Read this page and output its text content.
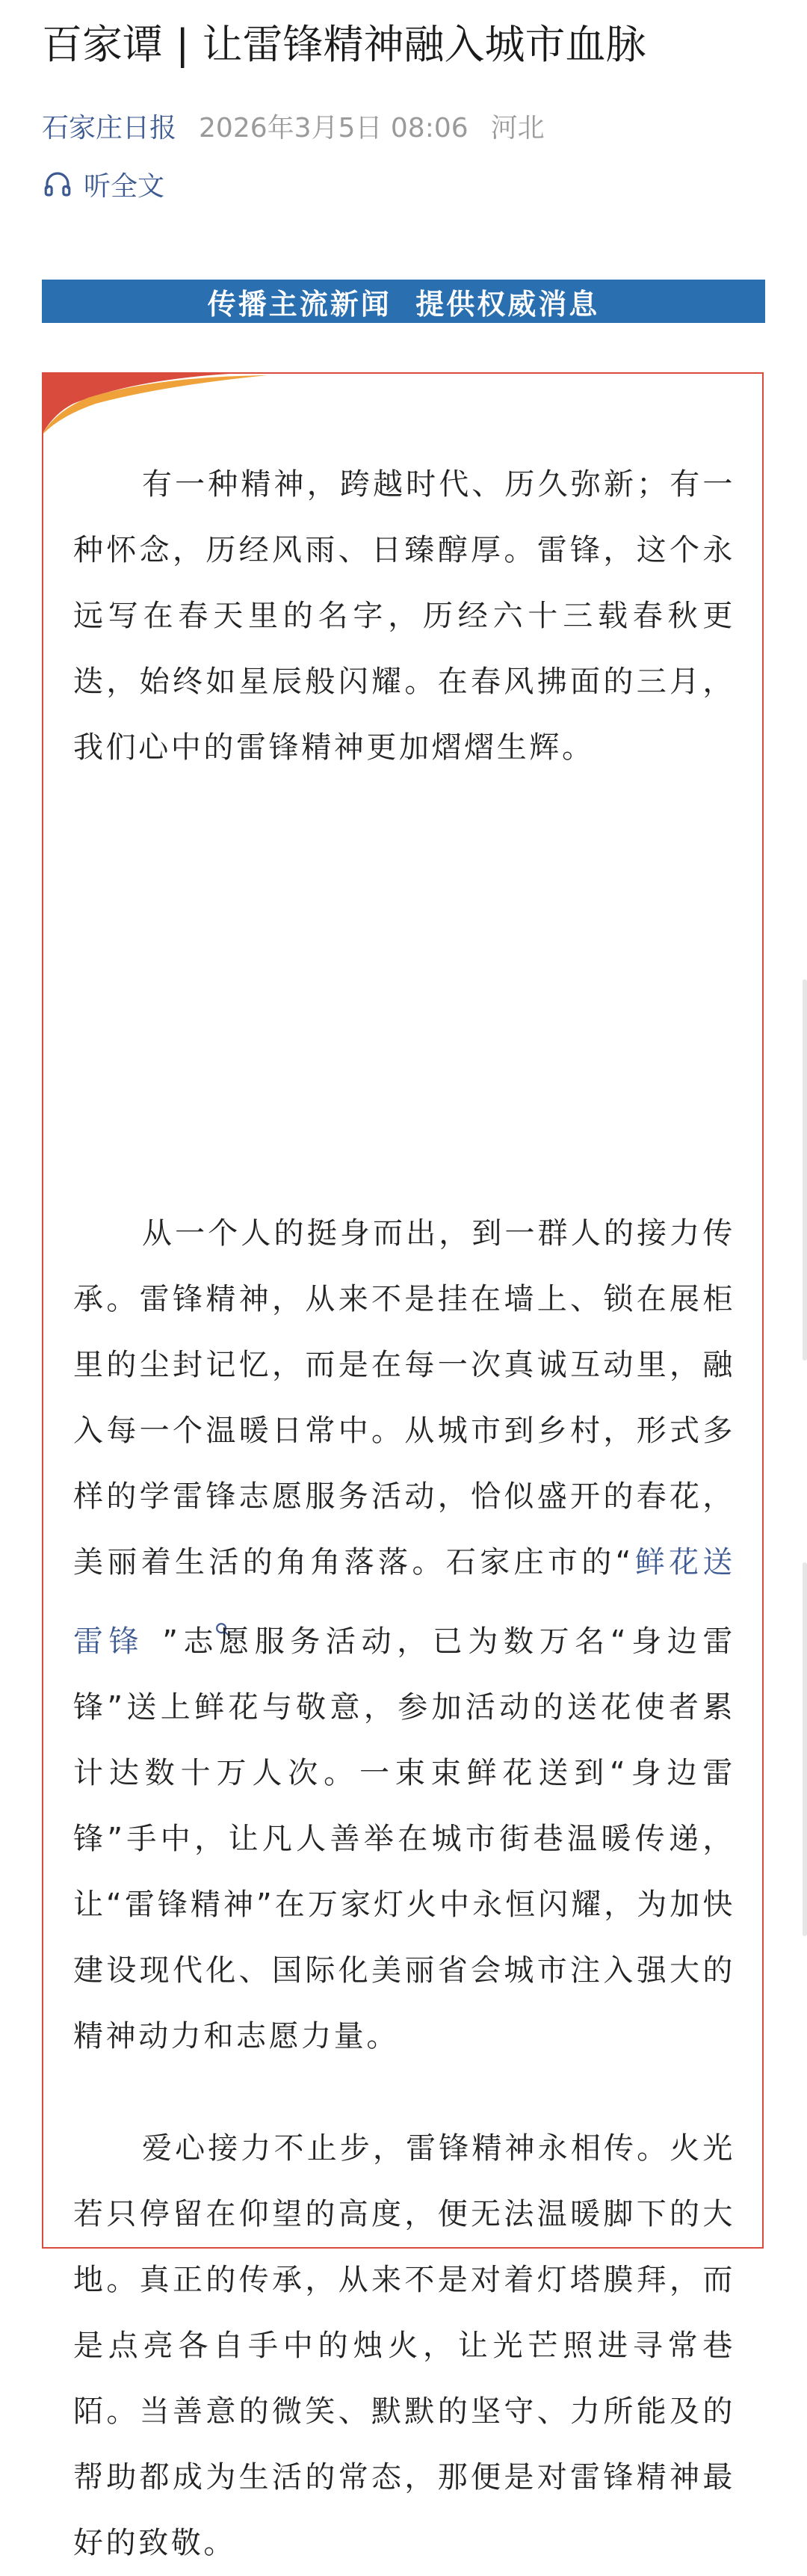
百家谭 | 让雷锋精神融入城市血脉
石家庄日报 2026年3月5日 08:06 河北
听全文
传播主流新闻  提供权威消息

有一种精神，跨越时代、历久弥新；有一种怀念，历经风雨、日臻醇厚。雷锋，这个永远写在春天里的名字，历经六十三载春秋更迭，始终如星辰般闪耀。在春风拂面的三月，我们心中的雷锋精神更加熠熠生辉。

从一个人的挺身而出，到一群人的接力传承。雷锋精神，从来不是挂在墙上、锁在展柜里的尘封记忆，而是在每一次真诚互动里，融入每一个温暖日常中。从城市到乡村，形式多样的学雷锋志愿服务活动，恰似盛开的春花，美丽着生活的角角落落。石家庄市的“鲜花送雷锋 ”志愿服务活动，已为数万名“身边雷锋”送上鲜花与敬意，参加活动的送花使者累计达数十万人次。一束束鲜花送到“身边雷锋”手中，让凡人善举在城市街巷温暖传递，让“雷锋精神”在万家灯火中永恒闪耀，为加快建设现代化、国际化美丽省会城市注入强大的精神动力和志愿力量。

爱心接力不止步，雷锋精神永相传。火光若只停留在仰望的高度，便无法温暖脚下的大地。真正的传承，从来不是对着灯塔膜拜，而是点亮各自手中的烛火，让光芒照进寻常巷陌。当善意的微笑、默默的坚守、力所能及的帮助都成为生活的常态，那便是对雷锋精神最好的致敬。
